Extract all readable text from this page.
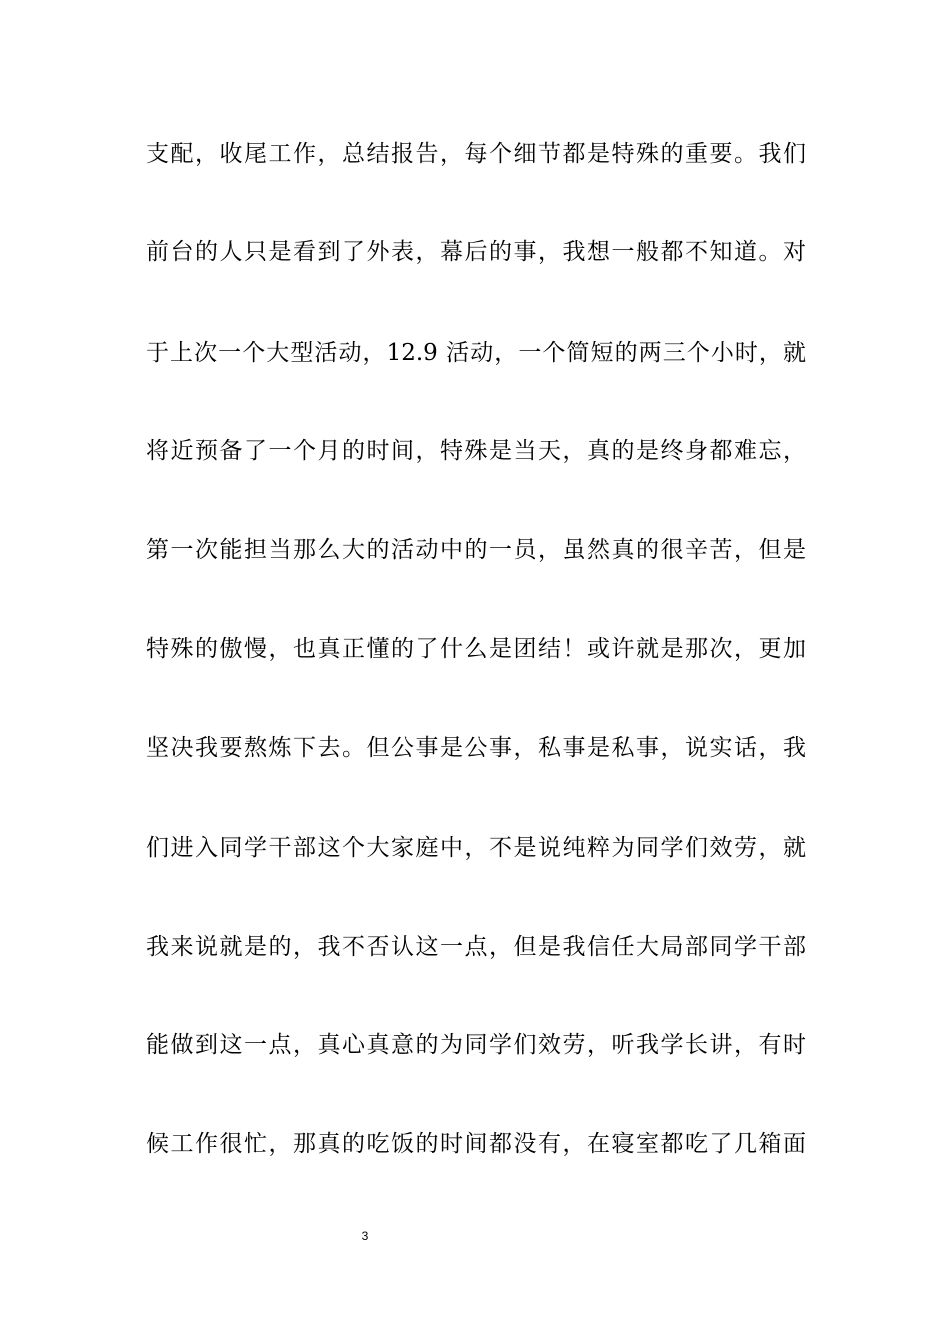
支配，收尾工作，总结报告，每个细节都是特殊的重要。我们
前台的人只是看到了外表，幕后的事，我想一般都不知道。对
于上次一个大型活动，12.9 活动，一个简短的两三个小时，就
将近预备了一个月的时间，特殊是当天，真的是终身都难忘，
第一次能担当那么大的活动中的一员，虽然真的很辛苦，但是
特殊的傲慢，也真正懂的了什么是团结！或许就是那次，更加
坚决我要熬炼下去。但公事是公事，私事是私事，说实话，我
们进入同学干部这个大家庭中，不是说纯粹为同学们效劳，就
我来说就是的，我不否认这一点，但是我信任大局部同学干部
能做到这一点，真心真意的为同学们效劳，听我学长讲，有时
候工作很忙，那真的吃饭的时间都没有，在寝室都吃了几箱面
3
